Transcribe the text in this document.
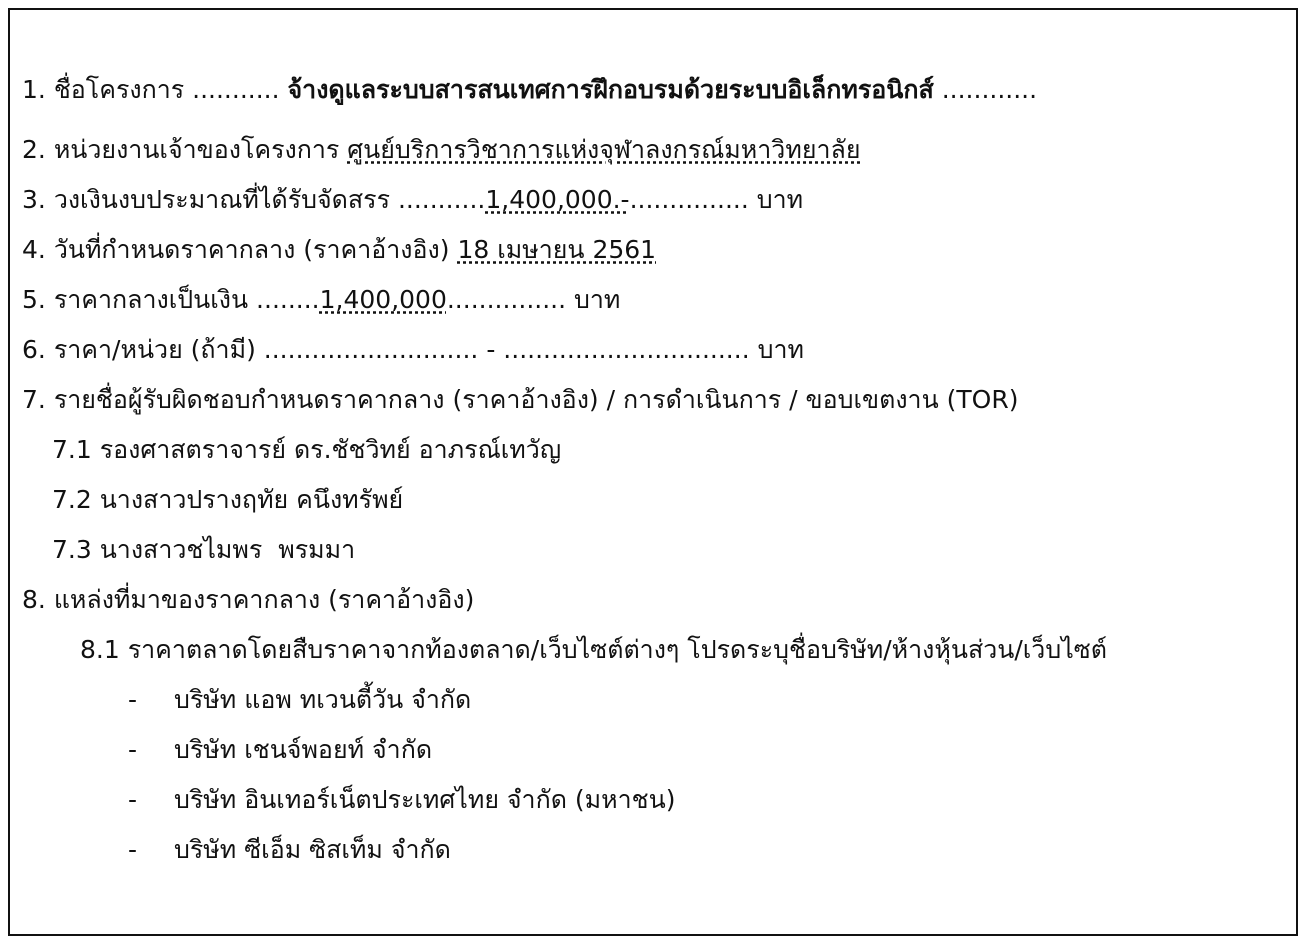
1. ชื่อโครงการ ........... จ้างดูแลระบบสารสนเทศการฝึกอบรมด้วยระบบอิเล็กทรอนิกส์ ............
2. หน่วยงานเจ้าของโครงการ ศูนย์บริการวิชาการแห่งจุฬาลงกรณ์มหาวิทยาลัย
3. วงเงินงบประมาณที่ได้รับจัดสรร ...........1,400,000.-............... บาท
4. วันที่กำหนดราคากลาง (ราคาอ้างอิง) 18 เมษายน 2561
5. ราคากลางเป็นเงิน ........1,400,000............... บาท
6. ราคา/หน่วย (ถ้ามี) ........................... - ............................... บาท
7. รายชื่อผู้รับผิดชอบกำหนดราคากลาง (ราคาอ้างอิง) / การดำเนินการ / ขอบเขตงาน (TOR)
7.1 รองศาสตราจารย์ ดร.ชัชวิทย์ อาภรณ์เทวัญ
7.2 นางสาวปรางฤทัย คนึงทรัพย์
7.3 นางสาวชไมพร  พรมมา
8. แหล่งที่มาของราคากลาง (ราคาอ้างอิง)
8.1 ราคาตลาดโดยสืบราคาจากท้องตลาด/เว็บไซต์ต่างๆ โปรดระบุชื่อบริษัท/ห้างหุ้นส่วน/เว็บไซต์
- บริษัท แอพ ทเวนตี้วัน จำกัด
- บริษัท เชนจ์พอยท์ จำกัด
- บริษัท อินเทอร์เน็ตประเทศไทย จำกัด (มหาชน)
- บริษัท ซีเอ็ม ซิสเท็ม จำกัด
